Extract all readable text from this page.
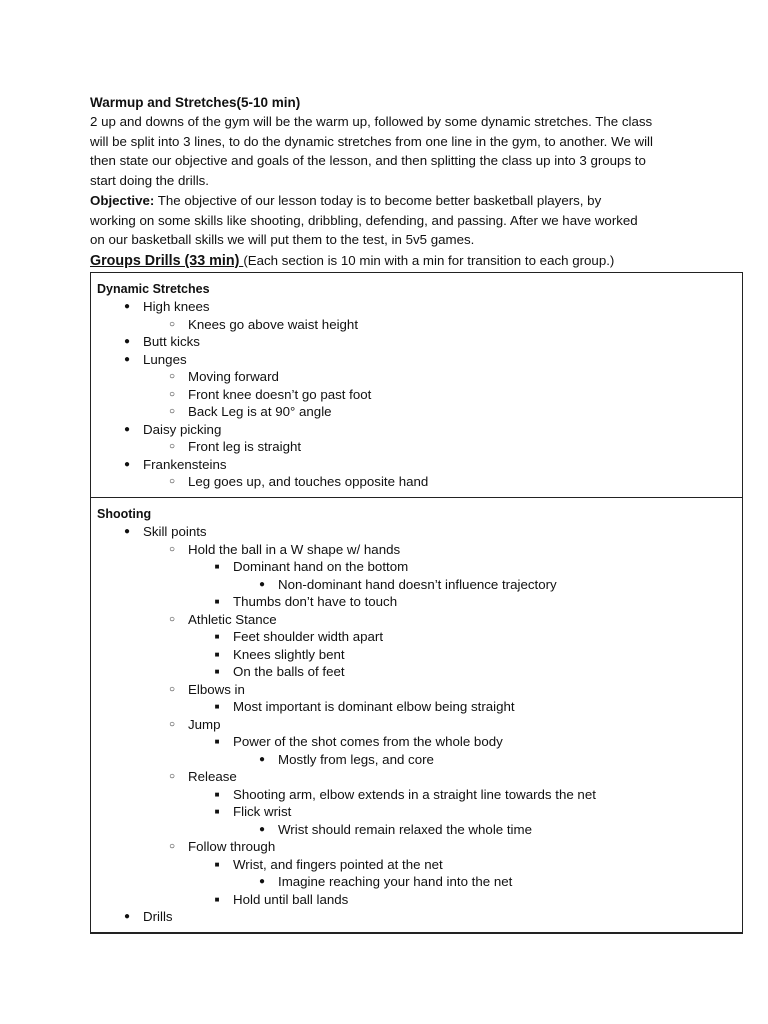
Warmup and Stretches(5-10 min)
2 up and downs of the gym will be the warm up, followed by some dynamic stretches. The class
will be split into 3 lines, to do the dynamic stretches from one line in the gym, to another. We will
then state our objective and goals of the lesson, and then splitting the class up into 3 groups to
start doing the drills.
Objective: The objective of our lesson today is to become better basketball players, by
working on some skills like shooting, dribbling, defending, and passing. After we have worked
on our basketball skills we will put them to the test, in 5v5 games.
Groups Drills (33 min) (Each section is 10 min with a min for transition to each group.)
Dynamic Stretches
● High knees
○ Knees go above waist height
● Butt kicks
● Lunges
○ Moving forward
○ Front knee doesn’t go past foot
○ Back Leg is at 90° angle
● Daisy picking
○ Front leg is straight
● Frankensteins
○ Leg goes up, and touches opposite hand

Shooting
● Skill points
○ Hold the ball in a W shape w/ hands
■ Dominant hand on the bottom
● Non-dominant hand doesn’t influence trajectory
■ Thumbs don’t have to touch
○ Athletic Stance
■ Feet shoulder width apart
■ Knees slightly bent
■ On the balls of feet
○ Elbows in
■ Most important is dominant elbow being straight
○ Jump
■ Power of the shot comes from the whole body
● Mostly from legs, and core
○ Release
■ Shooting arm, elbow extends in a straight line towards the net
■ Flick wrist
● Wrist should remain relaxed the whole time
○ Follow through
■ Wrist, and fingers pointed at the net
● Imagine reaching your hand into the net
■ Hold until ball lands
● Drills
